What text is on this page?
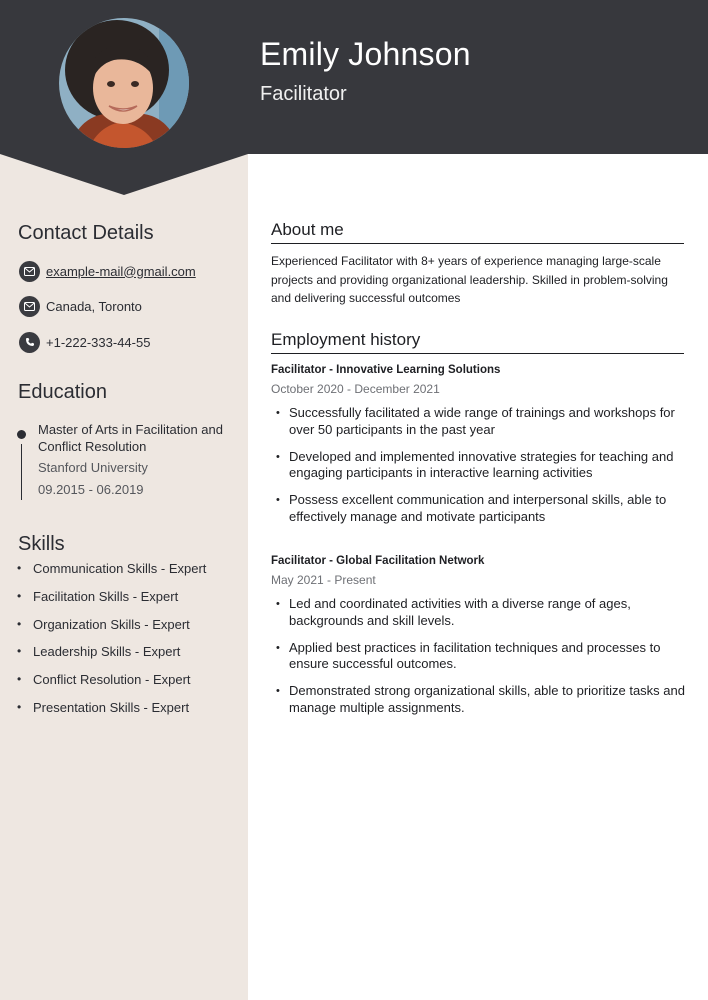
Emily Johnson
Facilitator
Contact Details
example-mail@gmail.com
Canada, Toronto
+1-222-333-44-55
Education
Master of Arts in Facilitation and Conflict Resolution
Stanford University
09.2015 - 06.2019
Skills
• Communication Skills - Expert
• Facilitation Skills - Expert
• Organization Skills - Expert
• Leadership Skills - Expert
• Conflict Resolution - Expert
• Presentation Skills - Expert
About me
Experienced Facilitator with 8+ years of experience managing large-scale projects and providing organizational leadership. Skilled in problem-solving and delivering successful outcomes
Employment history
Facilitator - Innovative Learning Solutions
October 2020 - December 2021
• Successfully facilitated a wide range of trainings and workshops for over 50 participants in the past year
• Developed and implemented innovative strategies for teaching and engaging participants in interactive learning activities
• Possess excellent communication and interpersonal skills, able to effectively manage and motivate participants
Facilitator - Global Facilitation Network
May 2021 - Present
• Led and coordinated activities with a diverse range of ages, backgrounds and skill levels.
• Applied best practices in facilitation techniques and processes to ensure successful outcomes.
• Demonstrated strong organizational skills, able to prioritize tasks and manage multiple assignments.
